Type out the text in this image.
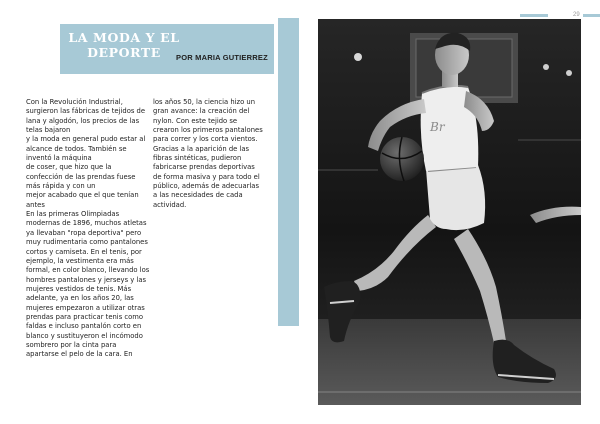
29
LA MODA Y EL DEPORTE	POR MARIA GUTIERREZ
Con la Revolución Industrial, surgieron las fábricas de tejidos de lana y algodón, los precios de las telas bajaron
y la moda en general pudo estar al alcance de todos. También se inventó la máquina
de coser, que hizo que la confección de las prendas fuese más rápida y con un
mejor acabado que el que tenían antes
En las primeras Olimpiadas modernas de 1896, muchos atletas ya llevaban "ropa deportiva" pero muy rudimentaria como pantalones cortos y camiseta. En el tenis, por ejemplo, la vestimenta era más formal, en color blanco, llevando los hombres pantalones y jerseys y las mujeres vestidos de tenis. Más adelante, ya en los años 20, las mujeres empezaron a utilizar otras prendas para practicar tenis como faldas e incluso pantalón corto en blanco y sustituyeron el incómodo sombrero por la cinta para apartarse el pelo de la cara. En
los años 50, la ciencia hizo un gran avance: la creación del nylon. Con este tejido se crearon los primeros pantalones para correr y los corta vientos.
Gracias a la aparición de las fibras sintéticas, pudieron fabricarse prendas deportivas de forma masiva y para todo el público, además de adecuarlas a las necesidades de cada actividad.
Br
